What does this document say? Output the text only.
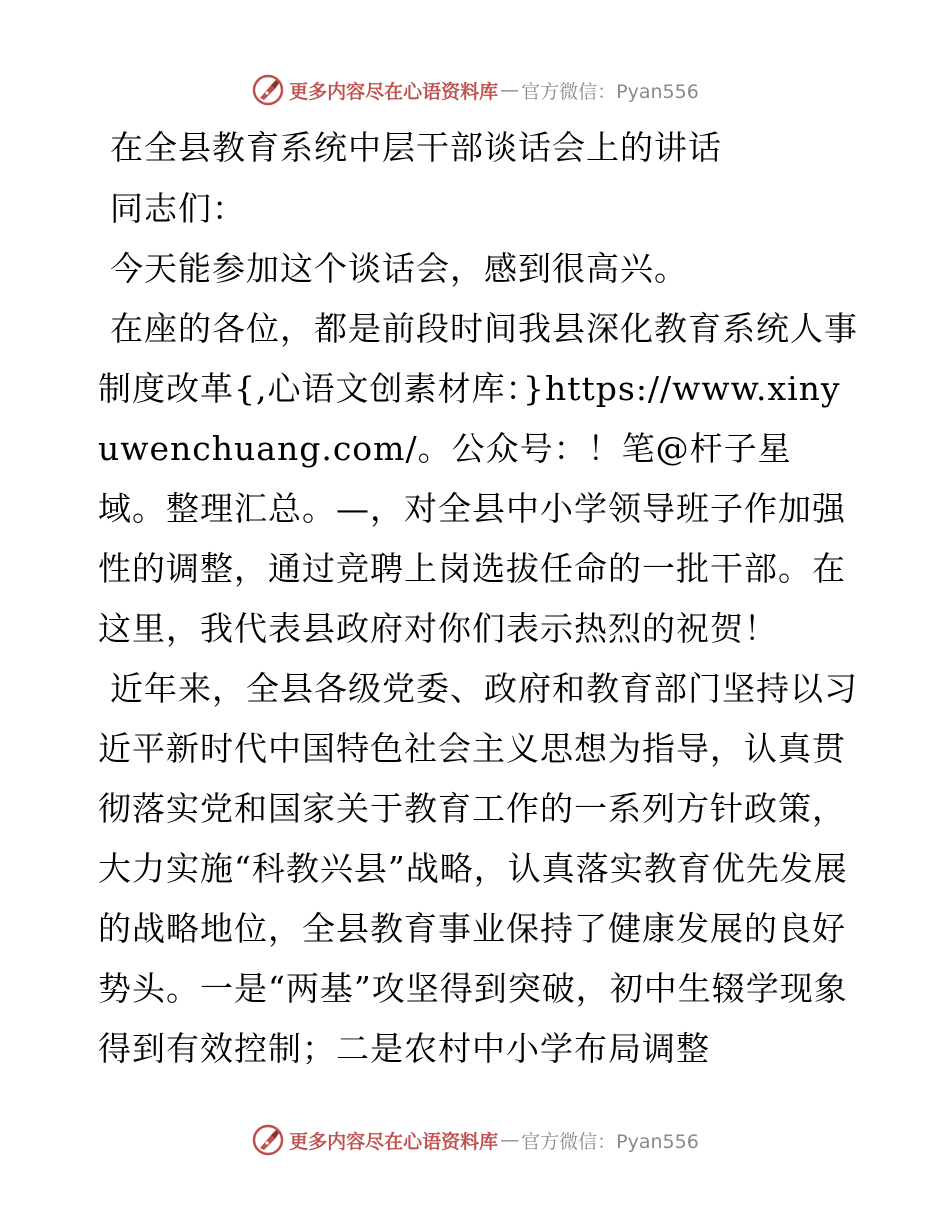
更多内容尽在心语资料库 — 官方微信：Pyan556

在全县教育系统中层干部谈话会上的讲话

同志们：

今天能参加这个谈话会，感到很高兴。

在座的各位，都是前段时间我县深化教育系统人事制度改革{,心语文创素材库：}https://www.xinyuwenchuang.com/。公众号：！笔@杆子星域。整理汇总。—，对全县中小学领导班子作加强性的调整，通过竞聘上岗选拔任命的一批干部。在这里，我代表县政府对你们表示热烈的祝贺！

近年来，全县各级党委、政府和教育部门坚持以习近平新时代中国特色社会主义思想为指导，认真贯彻落实党和国家关于教育工作的一系列方针政策，大力实施“科教兴县”战略，认真落实教育优先发展的战略地位，全县教育事业保持了健康发展的良好势头。一是“两基”攻坚得到突破，初中生辍学现象得到有效控制；二是农村中小学布局调整

更多内容尽在心语资料库 — 官方微信：Pyan556
